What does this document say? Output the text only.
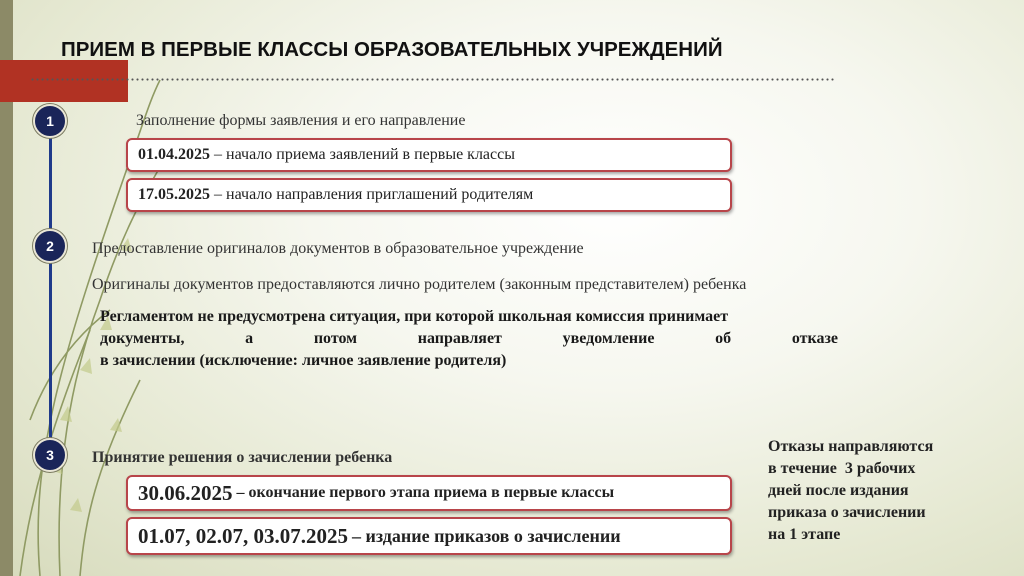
ПРИЕМ В ПЕРВЫЕ КЛАССЫ ОБРАЗОВАТЕЛЬНЫХ УЧРЕЖДЕНИЙ
1	Заполнение формы заявления и его направление
01.04.2025
– начало приема заявлений в первые классы
17.05.2025
– начало направления приглашений родителям
2	Предоставление оригиналов документов в образовательное учреждение
Оригиналы документов предоставляются лично родителем (законным представителем) ребенка
Регламентом не предусмотрена ситуация, при которой школьная комиссия принимает
документы,	а	потом	направляет	уведомление	об	отказе
в зачислении (исключение: личное заявление родителя)
3	Принятие решения о зачислении ребенка
30.06.2025
– окончание первого этапа приема в первые классы
01.07, 02.07, 03.07.2025
– издание приказов о зачислении
Отказы направляются
в течение  3 рабочих
дней после издания
приказа о зачислении
на 1 этапе
